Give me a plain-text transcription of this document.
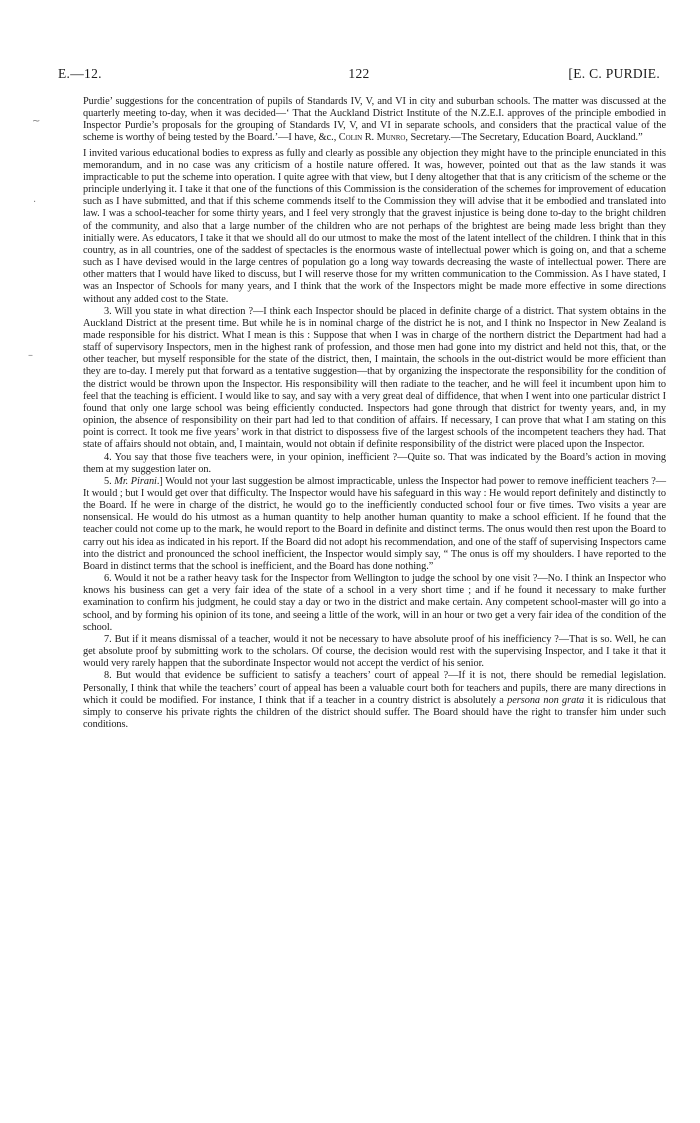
E.—12.	122	[E. C. PURDIE.
~
.
–

Purdie’ suggestions for the concentration of pupils of Standards IV, V, and VI in city and suburban schools. The matter was discussed at the quarterly meeting to-day, when it was decided—‘ That the Auckland District Institute of the N.Z.E.I. approves of the principle embodied in Inspector Purdie’s proposals for the grouping of Standards IV, V, and VI in separate schools, and considers that the practical value of the scheme is worthy of being tested by the Board.’—I have, &c., Colin R. Munro, Secretary.—The Secretary, Education Board, Auckland.”

I invited various educational bodies to express as fully and clearly as possible any objection they might have to the principle enunciated in this memorandum, and in no case was any criticism of a hostile nature offered. It was, however, pointed out that as the law stands it was impracticable to put the scheme into operation. I quite agree with that view, but I deny altogether that that is any criticism of the scheme or the principle underlying it. I take it that one of the functions of this Commission is the consideration of the schemes for improvement of education such as I have submitted, and that if this scheme commends itself to the Commission they will advise that it be embodied and translated into law. I was a school-teacher for some thirty years, and I feel very strongly that the gravest injustice is being done to-day to the bright children of the community, and also that a large number of the children who are not perhaps of the brightest are being made less bright than they initially were. As educators, I take it that we should all do our utmost to make the most of the latent intellect of the children. I think that in this country, as in all countries, one of the saddest of spectacles is the enormous waste of intellectual power which is going on, and that a scheme such as I have devised would in the large centres of population go a long way towards decreasing the waste of intellectual power. There are other matters that I would have liked to discuss, but I will reserve those for my written communication to the Commission. As I have stated, I was an Inspector of Schools for many years, and I think that the work of the Inspectors might be made more effective in some directions without any added cost to the State.

3. Will you state in what direction ?—I think each Inspector should be placed in definite charge of a district. That system obtains in the Auckland District at the present time. But while he is in nominal charge of the district he is not, and I think no Inspector in New Zealand is made responsible for his district. What I mean is this : Suppose that when I was in charge of the northern district the Department had had a staff of supervisory Inspectors, men in the highest rank of profession, and those men had gone into my district and held not this, that, or the other teacher, but myself responsible for the state of the district, then, I maintain, the schools in the out-district would be more efficient than they are to-day. I merely put that forward as a tentative suggestion—that by organizing the inspectorate the responsibility for the condition of the district would be thrown upon the Inspector. His responsibility will then radiate to the teacher, and he will feel it incumbent upon him to feel that the teaching is efficient. I would like to say, and say with a very great deal of diffidence, that when I went into one particular district I found that only one large school was being efficiently conducted. Inspectors had gone through that district for twenty years, and, in my opinion, the absence of responsibility on their part had led to that condition of affairs. If necessary, I can prove that what I am stating on this point is correct. It took me five years’ work in that district to dispossess five of the largest schools of the incompetent teachers they had. That state of affairs should not obtain, and, I maintain, would not obtain if definite responsibility of the district were placed upon the Inspector.

4. You say that those five teachers were, in your opinion, inefficient ?—Quite so. That was indicated by the Board’s action in moving them at my suggestion later on.

5. Mr. Pirani.] Would not your last suggestion be almost impracticable, unless the Inspector had power to remove inefficient teachers ?—It would ; but I would get over that difficulty. The Inspector would have his safeguard in this way : He would report definitely and distinctly to the Board. If he were in charge of the district, he would go to the inefficiently conducted school four or five times. Two visits a year are nonsensical. He would do his utmost as a human quantity to help another human quantity to make a school efficient. If he found that the teacher could not come up to the mark, he would report to the Board in definite and distinct terms. The onus would then rest upon the Board to carry out his idea as indicated in his report. If the Board did not adopt his recommendation, and one of the staff of supervising Inspectors came into the district and pronounced the school inefficient, the Inspector would simply say, “ The onus is off my shoulders. I have reported to the Board in distinct terms that the school is inefficient, and the Board has done nothing.”

6. Would it not be a rather heavy task for the Inspector from Wellington to judge the school by one visit ?—No. I think an Inspector who knows his business can get a very fair idea of the state of a school in a very short time ; and if he found it necessary to make further examination to confirm his judgment, he could stay a day or two in the district and make certain. Any competent school-master will go into a school, and by forming his opinion of its tone, and seeing a little of the work, will in an hour or two get a very fair idea of the condition of the school.

7. But if it means dismissal of a teacher, would it not be necessary to have absolute proof of his inefficiency ?—That is so. Well, he can get absolute proof by submitting work to the scholars. Of course, the decision would rest with the supervising Inspector, and I take it that it would very rarely happen that the subordinate Inspector would not accept the verdict of his senior.

8. But would that evidence be sufficient to satisfy a teachers’ court of appeal ?—If it is not, there should be remedial legislation. Personally, I think that while the teachers’ court of appeal has been a valuable court both for teachers and pupils, there are many directions in which it could be modified. For instance, I think that if a teacher in a country district is absolutely a persona non grata it is ridiculous that simply to conserve his private rights the children of the district should suffer. The Board should have the right to transfer him under such conditions.
